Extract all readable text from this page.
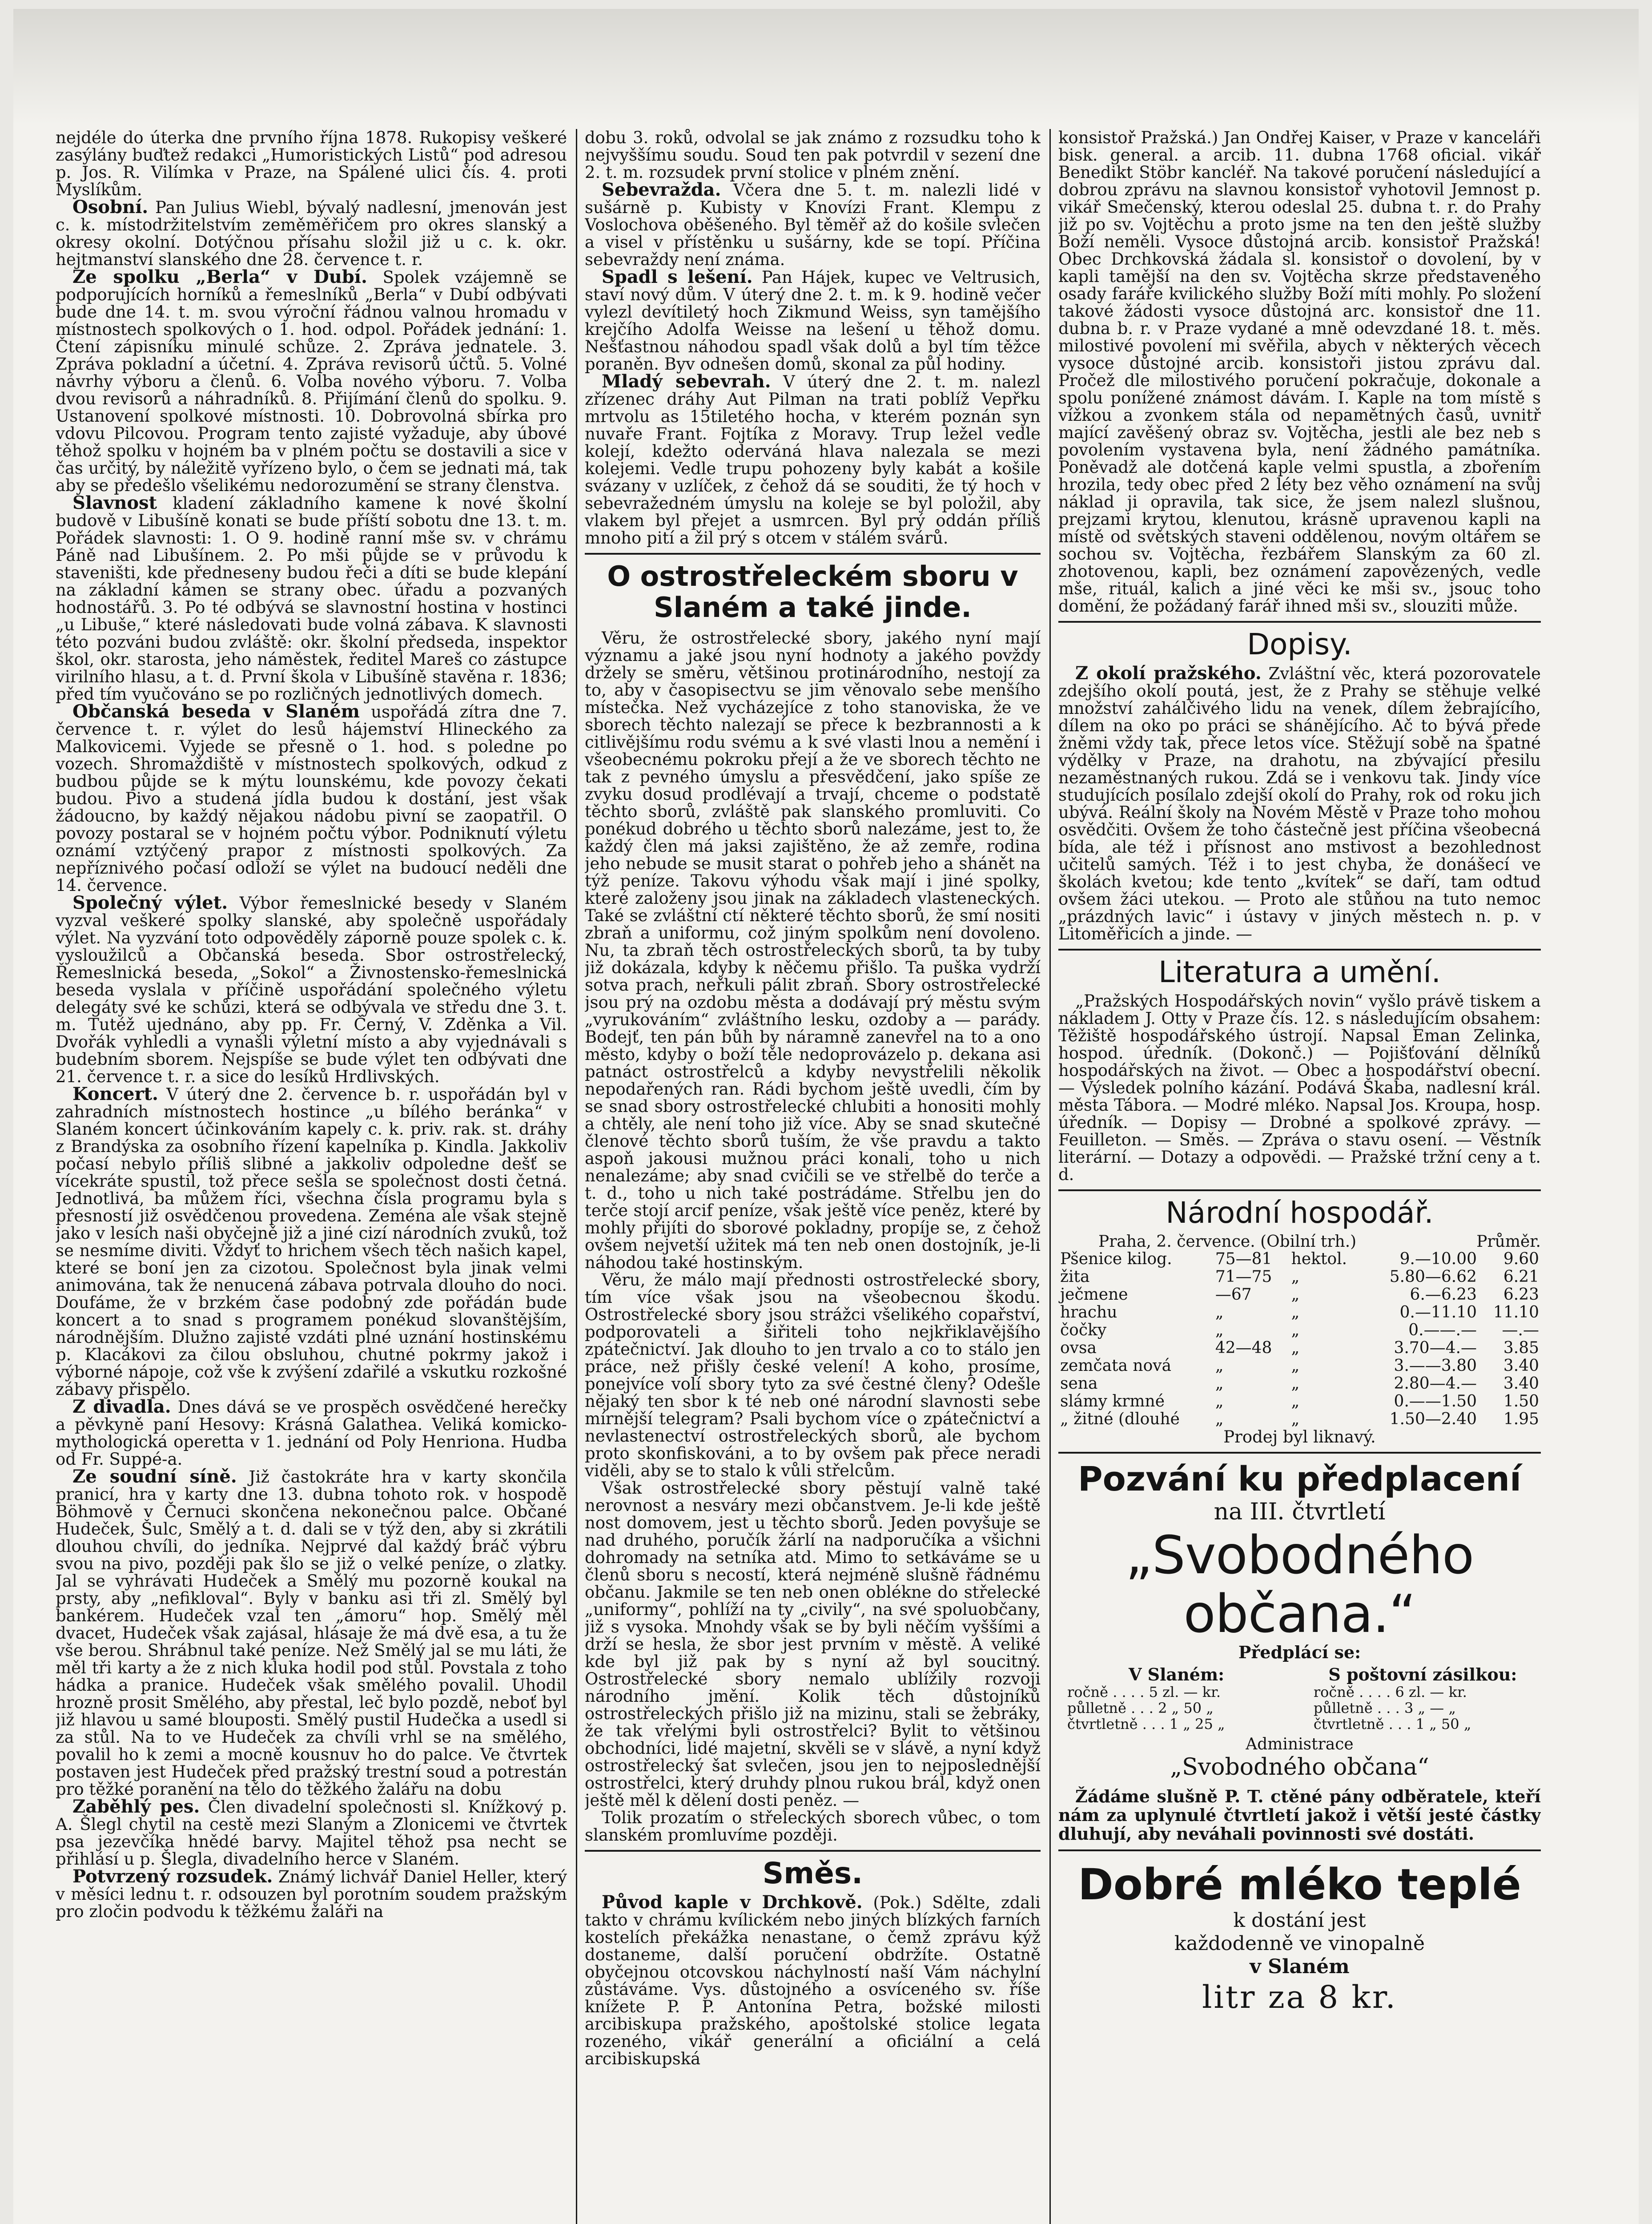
nejdéle do úterka dne prvního října 1878. Rukopisy veškeré zasýlány buďtež redakci „Humoristických Listů“ pod adresou p. Jos. R. Vilímka v Praze, na Spálené ulici čís. 4. proti Myslíkům.

Osobní. Pan Julius Wiebl, bývalý nadlesní, jmenován jest c. k. místodržitelstvím zeměměřičem pro okres slanský a okresy okolní. Dotýčnou přísahu složil již u c. k. okr. hejtmanství slanského dne 28. července t. r.

Ze spolku „Berla“ v Dubí. Spolek vzájemně se podporujících horníků a řemeslníků „Berla“ v Dubí odbývati bude dne 14. t. m. svou výroční řádnou valnou hromadu v místnostech spolkových o 1. hod. odpol. Pořádek jednání: 1. Čtení zápisníku minulé schůze. 2. Zpráva jednatele. 3. Zpráva pokladní a účetní. 4. Zpráva revisorů účtů. 5. Volné návrhy výboru a členů. 6. Volba nového výboru. 7. Volba dvou revisorů a náhradníků. 8. Přijímání členů do spolku. 9. Ustanovení spolkové místnosti. 10. Dobrovolná sbírka pro vdovu Pilcovou. Program tento zajisté vyžaduje, aby úbové těhož spolku v hojném ba v plném počtu se dostavili a sice v čas určitý, by náležitě vyřízeno bylo, o čem se jednati má, tak aby se předešlo všelikému nedorozumění se strany členstva.

Slavnost kladení základního kamene k nové školní budově v Libušíně konati se bude příští sobotu dne 13. t. m. Pořádek slavnosti: 1. O 9. hodině ranní mše sv. v chrámu Páně nad Libušínem. 2. Po mši půjde se v průvodu k staveništi, kde předneseny budou řeči a díti se bude klepání na základní kámen se strany obec. úřadu a pozvaných hodnostářů. 3. Po té odbývá se slavnostní hostina v hostinci „u Libuše,“ které následovati bude volná zábava. K slavnosti této pozváni budou zvláště: okr. školní předseda, inspektor škol, okr. starosta, jeho náměstek, ředitel Mareš co zástupce virilního hlasu, a t. d. První škola v Libušíně stavěna r. 1836; před tím vyučováno se po rozličných jednotlivých domech.

Občanská beseda v Slaném uspořádá zítra dne 7. července t. r. výlet do lesů hájemství Hlineckého za Malkovicemi. Vyjede se přesně o 1. hod. s poledne po vozech. Shromaždiště v místnostech spolkových, odkud z budbou půjde se k mýtu lounskému, kde povozy čekati budou. Pivo a studená jídla budou k dostání, jest však žádoucno, by každý nějakou nádobu pivní se zaopatřil. O povozy postaral se v hojném počtu výbor. Podniknutí výletu oznámí vztýčený prapor z místnosti spolkových. Za nepříznivého počasí odloží se výlet na budoucí neděli dne 14. července.

Společný výlet. Výbor řemeslnické besedy v Slaném vyzval veškeré spolky slanské, aby společně uspořádaly výlet. Na vyzvání toto odpověděly záporně pouze spolek c. k. vysloužilců a Občanská beseda. Sbor ostrostřelecký, Řemeslnická beseda, „Sokol“ a Živnostensko-řemeslnická beseda vyslala v příčině uspořádání společného výletu delegáty své ke schůzi, která se odbývala ve středu dne 3. t. m. Tutéž ujednáno, aby pp. Fr. Černý, V. Zděnka a Vil. Dvořák vyhledli a vynašli výletní místo a aby vyjednávali s budebním sborem. Nejspíše se bude výlet ten odbývati dne 21. července t. r. a sice do lesíků Hrdlivských.

Koncert. V úterý dne 2. července b. r. uspořádán byl v zahradních místnostech hostince „u bílého beránka“ v Slaném koncert účinkováním kapely c. k. priv. rak. st. dráhy z Brandýska za osobního řízení kapelníka p. Kindla. Jakkoliv počasí nebylo příliš slibné a jakkoliv odpoledne dešť se vícekráte spustil, tož přece sešla se společnost dosti četná. Jednotlivá, ba můžem říci, všechna čísla programu byla s přesností již osvědčenou provedena. Zeména ale však stejně jako v lesích naši obyčejně již a jiné cizí národních zvuků, tož se nesmíme diviti. Vždyť to hrichem všech těch našich kapel, které se boní jen za cizotou. Společnost byla jinak velmi animována, tak že nenucená zábava potrvala dlouho do noci. Doufáme, že v brzkém čase podobný zde pořádán bude koncert a to snad s programem ponékud slovanštějším, národnějším. Dlužno zajisté vzdáti plné uznání hostinskému p. Klacákovi za čilou obsluhou, chutné pokrmy jakož i výborné nápoje, což vše k zvýšení zdařilé a vskutku rozkošné zábavy přispělo.

Z divadla. Dnes dává se ve prospěch osvědčené herečky a pěvkyně paní Hesovy: Krásná Galathea. Veliká komicko-mythologická operetta v 1. jednání od Poly Henriona. Hudba od Fr. Suppé-a.

Ze soudní síně. Již častokráte hra v karty skončila pranicí, hra v karty dne 13. dubna tohoto rok. v hospodě Böhmově v Černuci skončena nekonečnou palce. Občané Hudeček, Šulc, Smělý a t. d. dali se v týž den, aby si zkrátili dlouhou chvíli, do jedníka. Nejprvé dal každý bráč výbru svou na pivo, později pak šlo se již o velké peníze, o zlatky. Jal se vyhrávati Hudeček a Smělý mu pozorně koukal na prsty, aby „nefikloval“. Byly v banku asi tři zl. Smělý byl bankérem. Hudeček vzal ten „ámoru“ hop. Smělý měl dvacet, Hudeček však zajásal, hlásaje že má dvě esa, a tu že vše berou. Shrábnul také peníze. Než Smělý jal se mu láti, že měl tři karty a že z nich klukа hodil pod stůl. Povstala z toho hádka a pranice. Hudeček však smělého povalil. Uhodil hrozně prosit Smělého, aby přestal, leč bylo pozdě, neboť byl již hlavou u samé blouposti. Smělý pustil Hudečka a usedl si za stůl. Na to ve Hudeček za chvíli vrhl se na smělého, povalil ho k zemi a mocně kousnuv ho do palce. Ve čtvrtek postaven jest Hudeček před pražský trestní soud a potrestán pro těžké poranění na tělo do těžkého žalářu na dobu

Zaběhlý pes. Člen divadelní společnosti sl. Knížkový p. A. Šlegl chytil na cestě mezi Slaným a Zlonicemi ve čtvrtek psa jezevčíka hnědé barvy. Majitel těhož psa necht se přihlásí u p. Šlegla, divadelního herce v Slaném.

Potvrzený rozsudek. Známý lichvář Daniel Heller, který v měsíci lednu t. r. odsouzen byl porotním soudem pražským pro zločin podvodu k těžkému žaláři na

dobu 3. roků, odvolal se jak známo z rozsudku toho k nejvyššímu soudu. Soud ten pak potvrdil v sezení dne 2. t. m. rozsudek první stolice v plném znění.

Sebevražda. Včera dne 5. t. m. nalezli lidé v sušárně p. Kubisty v Knovízi Frant. Klempu z Voslochova oběšeného. Byl těměř až do košile svlečen a visel v přístěnku u sušárny, kde se topí. Příčina sebevraždy není známa.

Spadl s lešení. Pan Hájek, kupec ve Veltrusich, staví nový dům. V úterý dne 2. t. m. k 9. hodině večer vylezl devítiletý hoch Zikmund Weiss, syn tamějšího krejčího Adolfa Weisse na lešení u těhož domu. Nešťastnou náhodou spadl však dolů a byl tím těžce poraněn. Byv odnešen domů, skonal za půl hodiny.

Mladý sebevrah. V úterý dne 2. t. m. nalezl zřízenec dráhy Aut Pilman na trati poblíž Vepřku mrtvolu as 15tiletého hocha, v kterém poznán syn nuvaře Frant. Fojtíka z Moravy. Trup ležel vedle kolejí, kdežto oderváná hlava nalezala se mezi kolejemi. Vedle trupu pohozeny byly kabát a košile svázany v uzlíček, z čehož dá se souditi, že tý hoch v sebevražedném úmyslu na koleje se byl položil, aby vlakem byl přejet a usmrcen. Byl prý oddán příliš mnoho pití a žil prý s otcem v stálém svárů.

O ostrostřeleckém sboru v Slaném a také jinde.

Věru, že ostrostřelecké sbory, jakého nyní mají významu a jaké jsou nyní hodnoty a jakého povždy držely se směru, většinou protinárodního, nestojí za to, aby v časopisectvu se jim věnovalo sebe menšího místečka. Než vycházejíce z toho stanoviska, že ve sborech těchto nalezají se přece k bezbrannosti a k citlivějšímu rodu svému a k své vlasti lnou a nemění i všeobecnému pokroku přejí a že ve sborech těchto ne tak z pevného úmyslu a přesvědčení, jako spíše ze zvyku dosud prodlévají a trvají, chceme o podstatě těchto sborů, zvláště pak slanského promluviti. Co ponékud dobrého u těchto sborů nalezáme, jest to, že každý člen má jaksi zajištěno, že až zemře, rodina jeho nebude se musit starat o pohřeb jeho a shánět na týž peníze. Takovu výhodu však mají i jiné spolky, které založeny jsou jinak na základech vlasteneckých. Také se zvláštní ctí některé těchto sborů, že smí nositi zbraň a uniformu, což jiným spolkům není dovoleno. Nu, ta zbraň těch ostrostřeleckých sborů, ta by tuby již dokázala, kdyby k něčemu přišlo. Ta puška vydrží sotva prach, neřkuli pálit zbraň. Sbory ostrostřelecké jsou prý na ozdobu města a dodávají prý městu svým „vyrukováním“ zvláštního lesku, ozdoby a — parády. Bodejť, ten pán bůh by náramně zanevřel na to a ono město, kdyby o boží těle nedoprovázelo p. dekana asi patnáct ostrostřelců a kdyby nevystřelili několik nepodařených ran. Rádi bychom ještě uvedli, čím by se snad sbory ostrostřelecké chlubiti a honositi mohly a chtěly, ale není toho již více. Aby se snad skutečné členové těchto sborů tuším, že vše pravdu a takto aspoň jakousi mužnou práci konali, toho u nich nenalezáme; aby snad cvičili se ve střelbě do terče a t. d., toho u nich také postrádáme. Střelbu jen do terče stojí arcif peníze, však ještě více peněz, které by mohly přijíti do sborové pokladny, propíje se, z čehož ovšem nejvetší užitek má ten neb onen dostojník, je-li náhodou také hostinským.

Věru, že málo mají přednosti ostrostřelecké sbory, tím více však jsou na všeobecnou škodu. Ostrostřelecké sbory jsou strážci všelikého copařství, podporovateli a šiřiteli toho nejkřiklavějšího zpátečnictví. Jak dlouho to jen trvalo a co to stálo jen práce, než přišly české velení! A koho, prosíme, ponejvíce volí sbory tyto za své čestné členy? Odešle nějaký ten sbor k té neb oné národní slavnosti sebe mírnější telegram? Psali bychom více o zpátečnictví a nevlastenectví ostrostřeleckých sborů, ale bychom proto skonfiskováni, a to by ovšem pak přece neradi viděli, aby se to stalo k vůli střelcům.

Však ostrostřelecké sbory pěstují valně také nerovnost a nesváry mezi občanstvem. Je-li kde ještě nost domovem, jest u těchto sborů. Jeden povyšuje se nad druhého, poručík žárlí na nadporučíka a všichni dohromady na setníka atd. Mimo to setkáváme se u členů sboru s necostí, která nejméně slušně řádnému občanu. Jakmile se ten neb onen oblékne do střelecké „uniformy“, pohlíží na ty „civily“, na své spoluobčany, již s vysoka. Mnohdy však se by byli něčím vyššími a drží se hesla, že sbor jest prvním v městě. A veliké kde byl již pak by s nyní až byl soucitný. Ostrostřelecké sbory nemalo ublížily rozvoji národního jmění. Kolik těch důstojníků ostrostřeleckých přišlo již na mizinu, stali se žebráky, že tak vřelými byli ostrostřelci? Bylit to většinou obchodníci, lidé majetní, skvěli se v slávě, a nyní když ostrostřelecký šat svlečen, jsou jen to nejposlednější ostrostřelci, který druhdy plnou rukou brál, když onen ještě měl k dělení dosti peněz. —

Tolik prozatím o střeleckých sborech vůbec, o tom slanském promluvíme později.

Směs.

Původ kaple v Drchkově. (Pok.) Sdělte, zdali takto v chrámu kvílickém nebo jiných blízkých farních kostelích překážka nenastane, o čemž zprávu kýž dostaneme, další poručení obdržíte. Ostatně obyčejnou otcovskou náchylností naší Vám náchylní zůstáváme. Vys. důstojného a osvíceného sv. říše knížete P. P. Antonína Petra, božské milosti arcibiskupa pražského, apoštolské stolice legata rozeného, vikář generální a oficiální a celá arcibiskupská

konsistoř Pražská.) Jan Ondřej Kaiser, v Praze v kanceláři bisk. general. a arcib. 11. dubna 1768 oficial. vikář Benedikt Stöbr kancléř. Na takové poručení následující a dobrou zprávu na slavnou konsistoř vyhotovil Jemnost p. vikář Smečenský, kterou odeslal 25. dubna t. r. do Prahy již po sv. Vojtěchu a proto jsme na ten den ještě služby Boží neměli. Vysoce důstojná arcib. konsistoř Pražská! Obec Drchkovská žádala sl. konsistoř o dovolení, by v kapli tamější na den sv. Vojtěcha skrze představeného osady faráře kvilického služby Boží míti mohly. Po složení takové žádosti vysoce důstojná arc. konsistoř dne 11. dubna b. r. v Praze vydané a mně odevzdané 18. t. měs. milostivé povolení mi svěřila, abych v některých věcech vysoce důstojné arcib. konsistoři jistou zprávu dal. Pročež dle milostivého poručení pokračuje, dokonale a spolu ponížené známost dávám. I. Kaple na tom místě s vížkou a zvonkem stála od nepamětných časů, uvnitř mající zavěšený obraz sv. Vojtěcha, jestli ale bez neb s povolením vystavena byla, není žádného památníka. Poněvadž ale dotčená kaple velmi spustla, a zbořením hrozila, tedy obec před 2 léty bez věho oznámení na svůj náklad ji opravila, tak sice, že jsem nalezl slušnou, prejzami krytou, klenutou, krásně upravenou kapli na místě od světských staveni oddělenou, novým oltářem se sochou sv. Vojtěcha, řezbářem Slanským za 60 zl. zhotovenou, kapli, bez oznámení zapovězených, vedle mše, rituál, kalich a jiné věci ke mši sv., jsouc toho domění, že požádaný farář ihned mši sv., slouziti může.

Dopisy.

Z okolí pražského. Zvláštní věc, která pozorovatele zdejšího okolí poutá, jest, že z Prahy se stěhuje velké množství zahálčivého lidu na venek, dílem žebrajícího, dílem na oko po práci se shánějícího. Ač to bývá přede žněmi vždy tak, přece letos více. Stěžují sobě na špatné výdělky v Praze, na drahotu, na zbývající přesilu nezaměstnaných rukou. Zdá se i venkovu tak. Jindy více studujících posílalo zdejší okolí do Prahy, rok od roku jich ubývá. Reální školy na Novém Městě v Praze toho mohou osvědčiti. Ovšem že toho částečně jest příčina všeobecná bída, ale též i přísnost ano mstivost a bezohlednost učitelů samých. Též i to jest chyba, že donášecí ve školách kvetou; kde tento „kvítek“ se daří, tam odtud ovšem žáci utekou. — Proto ale stůňou na tuto nemoc „prázdných lavic“ i ústavy v jiných městech n. p. v Litoměřicích a jinde. —

Literatura a umění.

„Pražských Hospodářských novin“ vyšlo právě tiskem a nákladem J. Otty v Praze čís. 12. s následujícím obsahem: Těžiště hospodářského ústrojí. Napsal Eman Zelinka, hospod. úředník. (Dokonč.) — Pojišťování dělníků hospodářských na život. — Obec a hospodářství obecní. — Výsledek polního kázání. Podává Škaba, nadlesní král. města Tábora. — Modré mléko. Napsal Jos. Kroupa, hosp. úředník. — Dopisy — Drobné a spolkové zprávy. — Feuilleton. — Směs. — Zpráva o stavu osení. — Věstník literární. — Dotazy a odpovědi. — Pražské tržní ceny a t. d.

Národní hospodář.
Praha, 2. července. (Obilní trh.)	Průměr.
Pšenice kilog.	75—81	hektol.	9.—10.00	9.60
žita	71—75	„	5.80—6.62	6.21
ječmene	—67	„	6.—6.23	6.23
hrachu	„	„	0.—11.10	11.10
čočky	„	„	0.——.—	—.—
ovsa	42—48	„	3.70—4.—	3.85
zemčata nová	„	„	3.——3.80	3.40
sena	„	„	2.80—4.—	3.40
slámy krmné	„	„	0.——1.50	1.50
„ žitné (dlouhé	„	„	1.50—2.40	1.95

Prodej byl liknavý.

Pozvání ku předplacení
na III. čtvrtletí
„Svobodného občana.“
Předplácí se:
V Slaném:
ročně . . . . 5 zl. — kr.
půlletně . . . 2 „ 50 „
čtvrtletně . . . 1 „ 25 „
S poštovní zásilkou:
ročně . . . . 6 zl. — kr.
půlletně . . . 3 „ — „
čtvrtletně . . . 1 „ 50 „
Administrace
„Svobodného občana“

Žádáme slušně P. T. ctěné pány odběratele, kteří nám za uplynulé čtvrtletí jakož i větší jesté částky dluhují, aby neváhali povinnosti své dostáti.

Dobré mléko teplé
k dostání jest
každodenně ve vinopalně
v Slaném
litr za 8 kr.
